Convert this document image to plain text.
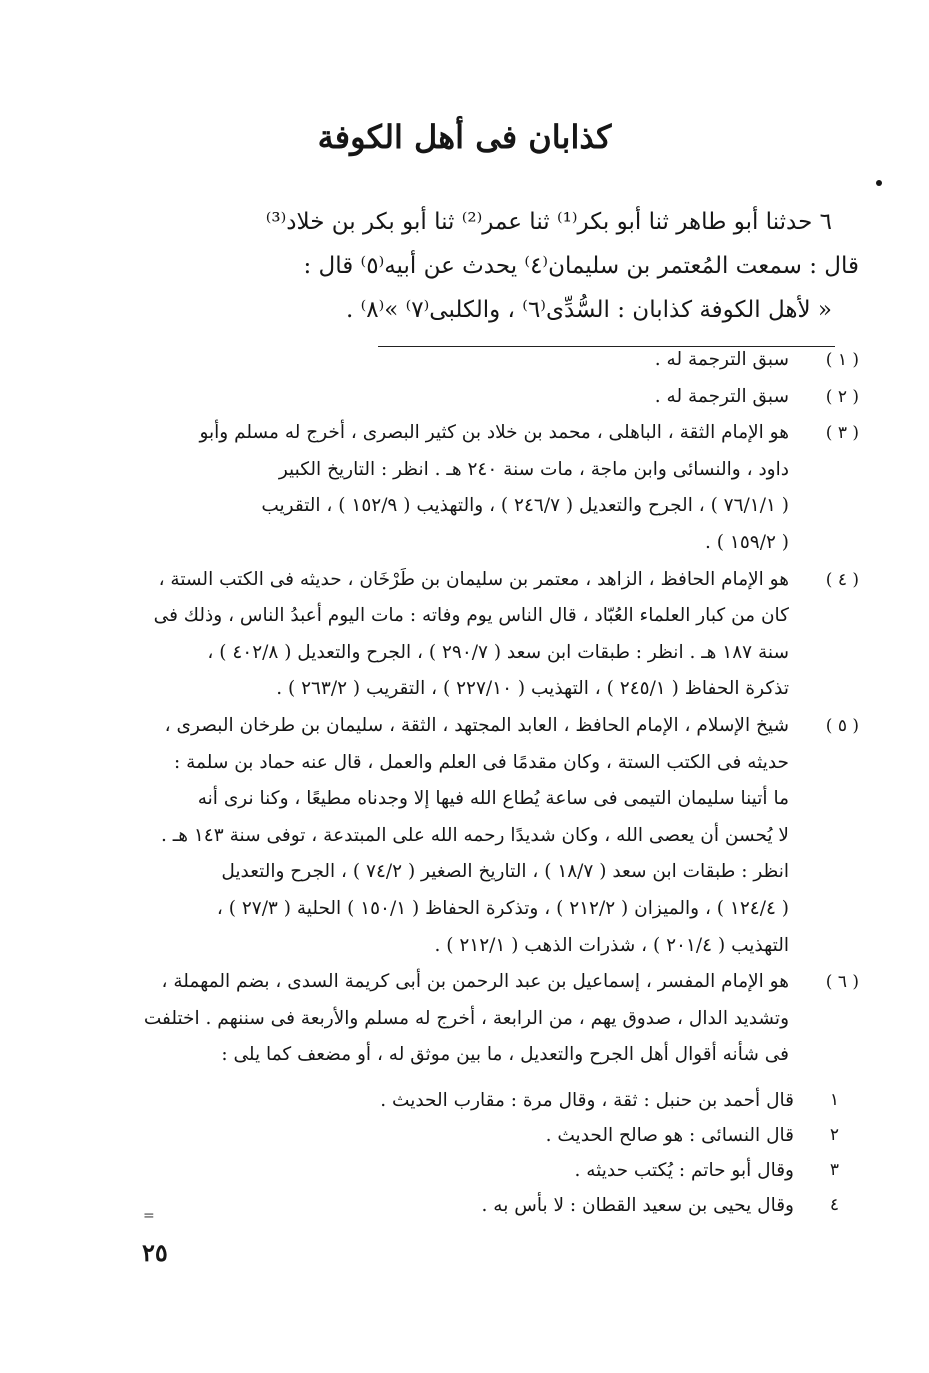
كذابان فى أهل الكوفة
٦ حدثنا أبو طاهر ثنا أبو بكر⁽¹⁾ ثنا عمر⁽²⁾ ثنا أبو بكر بن خلاد⁽³⁾
قال : سمعت المُعتمر بن سليمان⁽٤⁾ يحدث عن أبيه⁽٥⁾ قال :
« لأهل الكوفة كذابان : السُّدِّى⁽٦⁾ ، والكلبى⁽٧⁾ »⁽٨⁾ .
( ١ )
سبق الترجمة له .
( ٢ )
سبق الترجمة له .
( ٣ )
هو الإمام الثقة ، الباهلى ، محمد بن خلاد بن كثير البصرى ، أخرج له مسلم وأبو
داود ، والنسائى وابن ماجة ، مات سنة ٢٤٠ هـ . انظر : التاريخ الكبير
( ٧٦/١/١ ) ، الجرح والتعديل ( ٢٤٦/٧ ) ، والتهذيب ( ١٥٢/٩ ) ، التقريب
( ١٥٩/٢ ) .
( ٤ )
هو الإمام الحافظ ، الزاهد ، معتمر بن سليمان بن طَرْخَان ، حديثه فى الكتب الستة ،
كان من كبار العلماء العُبّاد ، قال الناس يوم وفاته : مات اليوم أعبدُ الناس ، وذلك فى
سنة ١٨٧ هـ . انظر : طبقات ابن سعد ( ٢٩٠/٧ ) ، الجرح والتعديل ( ٤٠٢/٨ ) ،
تذكرة الحفاظ ( ٢٤٥/١ ) ، التهذيب ( ٢٢٧/١٠ ) ، التقريب ( ٢٦٣/٢ ) .
( ٥ )
شيخ الإسلام ، الإمام الحافظ ، العابد المجتهد ، الثقة ، سليمان بن طرخان البصرى ،
حديثه فى الكتب الستة ، وكان مقدمًا فى العلم والعمل ، قال عنه حماد بن سلمة :
ما أتينا سليمان التيمى فى ساعة يُطاع الله فيها إلا وجدناه مطيعًا ، وكنا نرى أنه
لا يُحسن أن يعصى الله ، وكان شديدًا رحمه الله على المبتدعة ، توفى سنة ١٤٣ هـ .
انظر : طبقات ابن سعد ( ١٨/٧ ) ، التاريخ الصغير ( ٧٤/٢ ) ، الجرح والتعديل
( ١٢٤/٤ ) ، والميزان ( ٢١٢/٢ ) ، وتذكرة الحفاظ ( ١٥٠/١ ) الحلية ( ٢٧/٣ ) ،
التهذيب ( ٢٠١/٤ ) ، شذرات الذهب ( ٢١٢/١ ) .
( ٦ )
هو الإمام المفسر ، إسماعيل بن عبد الرحمن بن أبى كريمة السدى ، بضم المهملة ،
وتشديد الدال ، صدوق يهم ، من الرابعة ، أخرج له مسلم والأربعة فى سننهم . اختلفت
فى شأنه أقوال أهل الجرح والتعديل ، ما بين موثق له ، أو مضعف كما يلى :
١
قال أحمد بن حنبل : ثقة ، وقال مرة : مقارب الحديث .
٢
قال النسائى : هو صالح الحديث .
٣
وقال أبو حاتم : يُكتب حديثه .
٤
وقال يحيى بن سعيد القطان : لا بأس به .
=
٢٥
